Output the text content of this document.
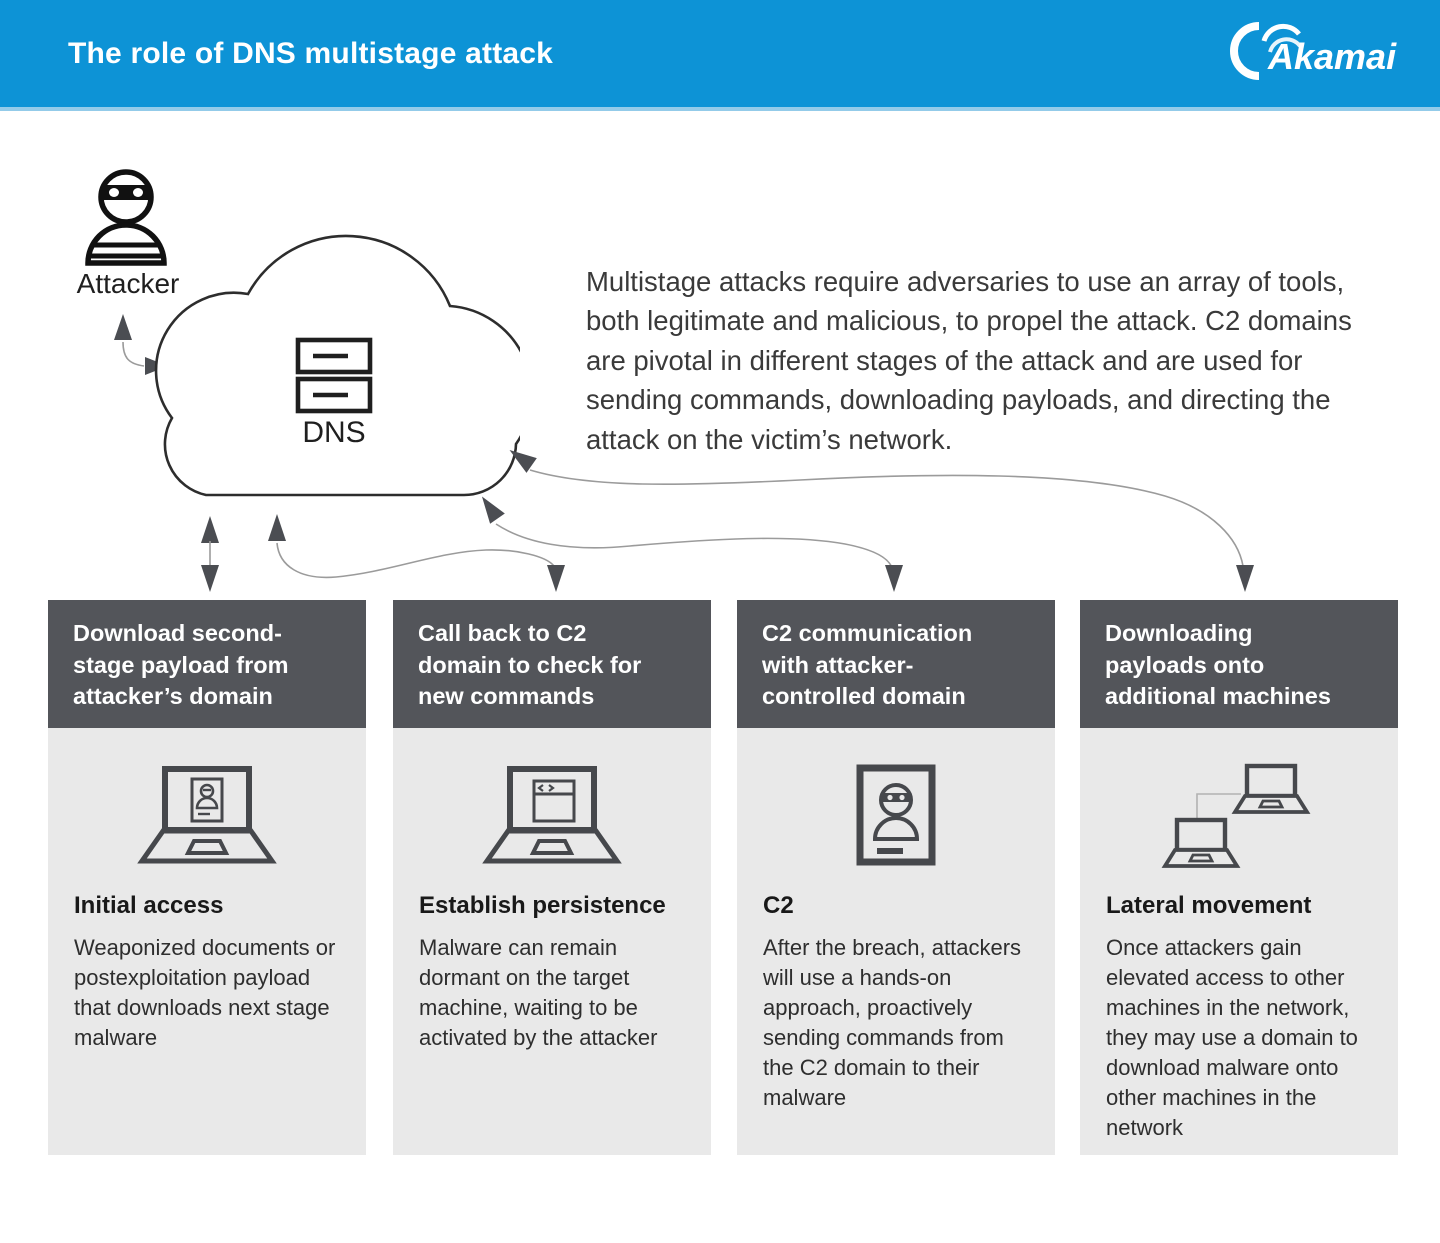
The role of DNS multistage attack	Akamai
Attacker
DNS

Multistage attacks require adversaries to use an array of tools, both legitimate and malicious, to propel the attack. C2 domains are pivotal in different stages of the attack and are used for sending commands, downloading payloads, and directing the attack on the victim’s network.

Download second-stage payload from attacker’s domain
Initial access
Weaponized documents or postexploitation payload that downloads next stage malware
Call back to C2 domain to check for new commands
Establish persistence
Malware can remain dormant on the target machine, waiting to be activated by the attacker
C2 communication with attacker-controlled domain
C2
After the breach, attackers will use a hands-on approach, proactively sending commands from the C2 domain to their malware
Downloading payloads onto additional machines
Lateral movement
Once attackers gain elevated access to other machines in the network, they may use a domain to download malware onto other machines in the network
